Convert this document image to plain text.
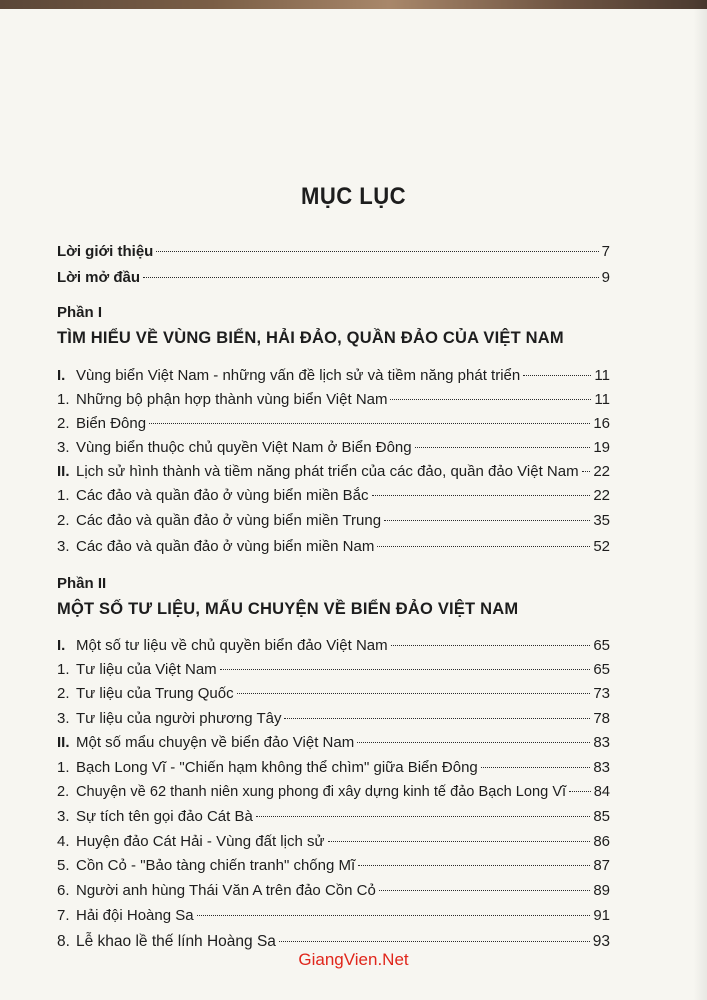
MỤC LỤC
Lời giới thiệu	7
Lời mở đầu	9
Phần I
TÌM HIỂU VỀ VÙNG BIỂN, HẢI ĐẢO, QUẦN ĐẢO CỦA VIỆT NAM
I. Vùng biển Việt Nam - những vấn đề lịch sử và tiềm năng phát triển	11
1. Những bộ phận hợp thành vùng biển Việt Nam	11
2. Biển Đông	16
3. Vùng biển thuộc chủ quyền Việt Nam ở Biển Đông	19
II. Lịch sử hình thành và tiềm năng phát triển của các đảo, quần đảo Việt Nam 22
1. Các đảo và quần đảo ở vùng biển miền Bắc	22
2. Các đảo và quần đảo ở vùng biển miền Trung	35
3. Các đảo và quần đảo ở vùng biển miền Nam	52
Phần II
MỘT SỐ TƯ LIỆU, MẨU CHUYỆN VỀ BIỂN ĐẢO VIỆT NAM
I. Một số tư liệu về chủ quyền biển đảo Việt Nam	65
1. Tư liệu của Việt Nam	65
2. Tư liệu của Trung Quốc	73
3. Tư liệu của người phương Tây	78
II. Một số mẩu chuyện về biển đảo Việt Nam	83
1. Bạch Long Vĩ - "Chiến hạm không thể chìm" giữa Biển Đông	83
2. Chuyện về 62 thanh niên xung phong đi xây dựng kinh tế đảo Bạch Long Vĩ 84
3. Sự tích tên gọi đảo Cát Bà	85
4. Huyện đảo Cát Hải - Vùng đất lịch sử	86
5. Cồn Cỏ - "Bảo tàng chiến tranh" chống Mĩ	87
6. Người anh hùng Thái Văn A trên đảo Cồn Cỏ	89
7. Hải đội Hoàng Sa	91
8. Lễ khao lề thế lính Hoàng Sa	93
GiangVien.Net
